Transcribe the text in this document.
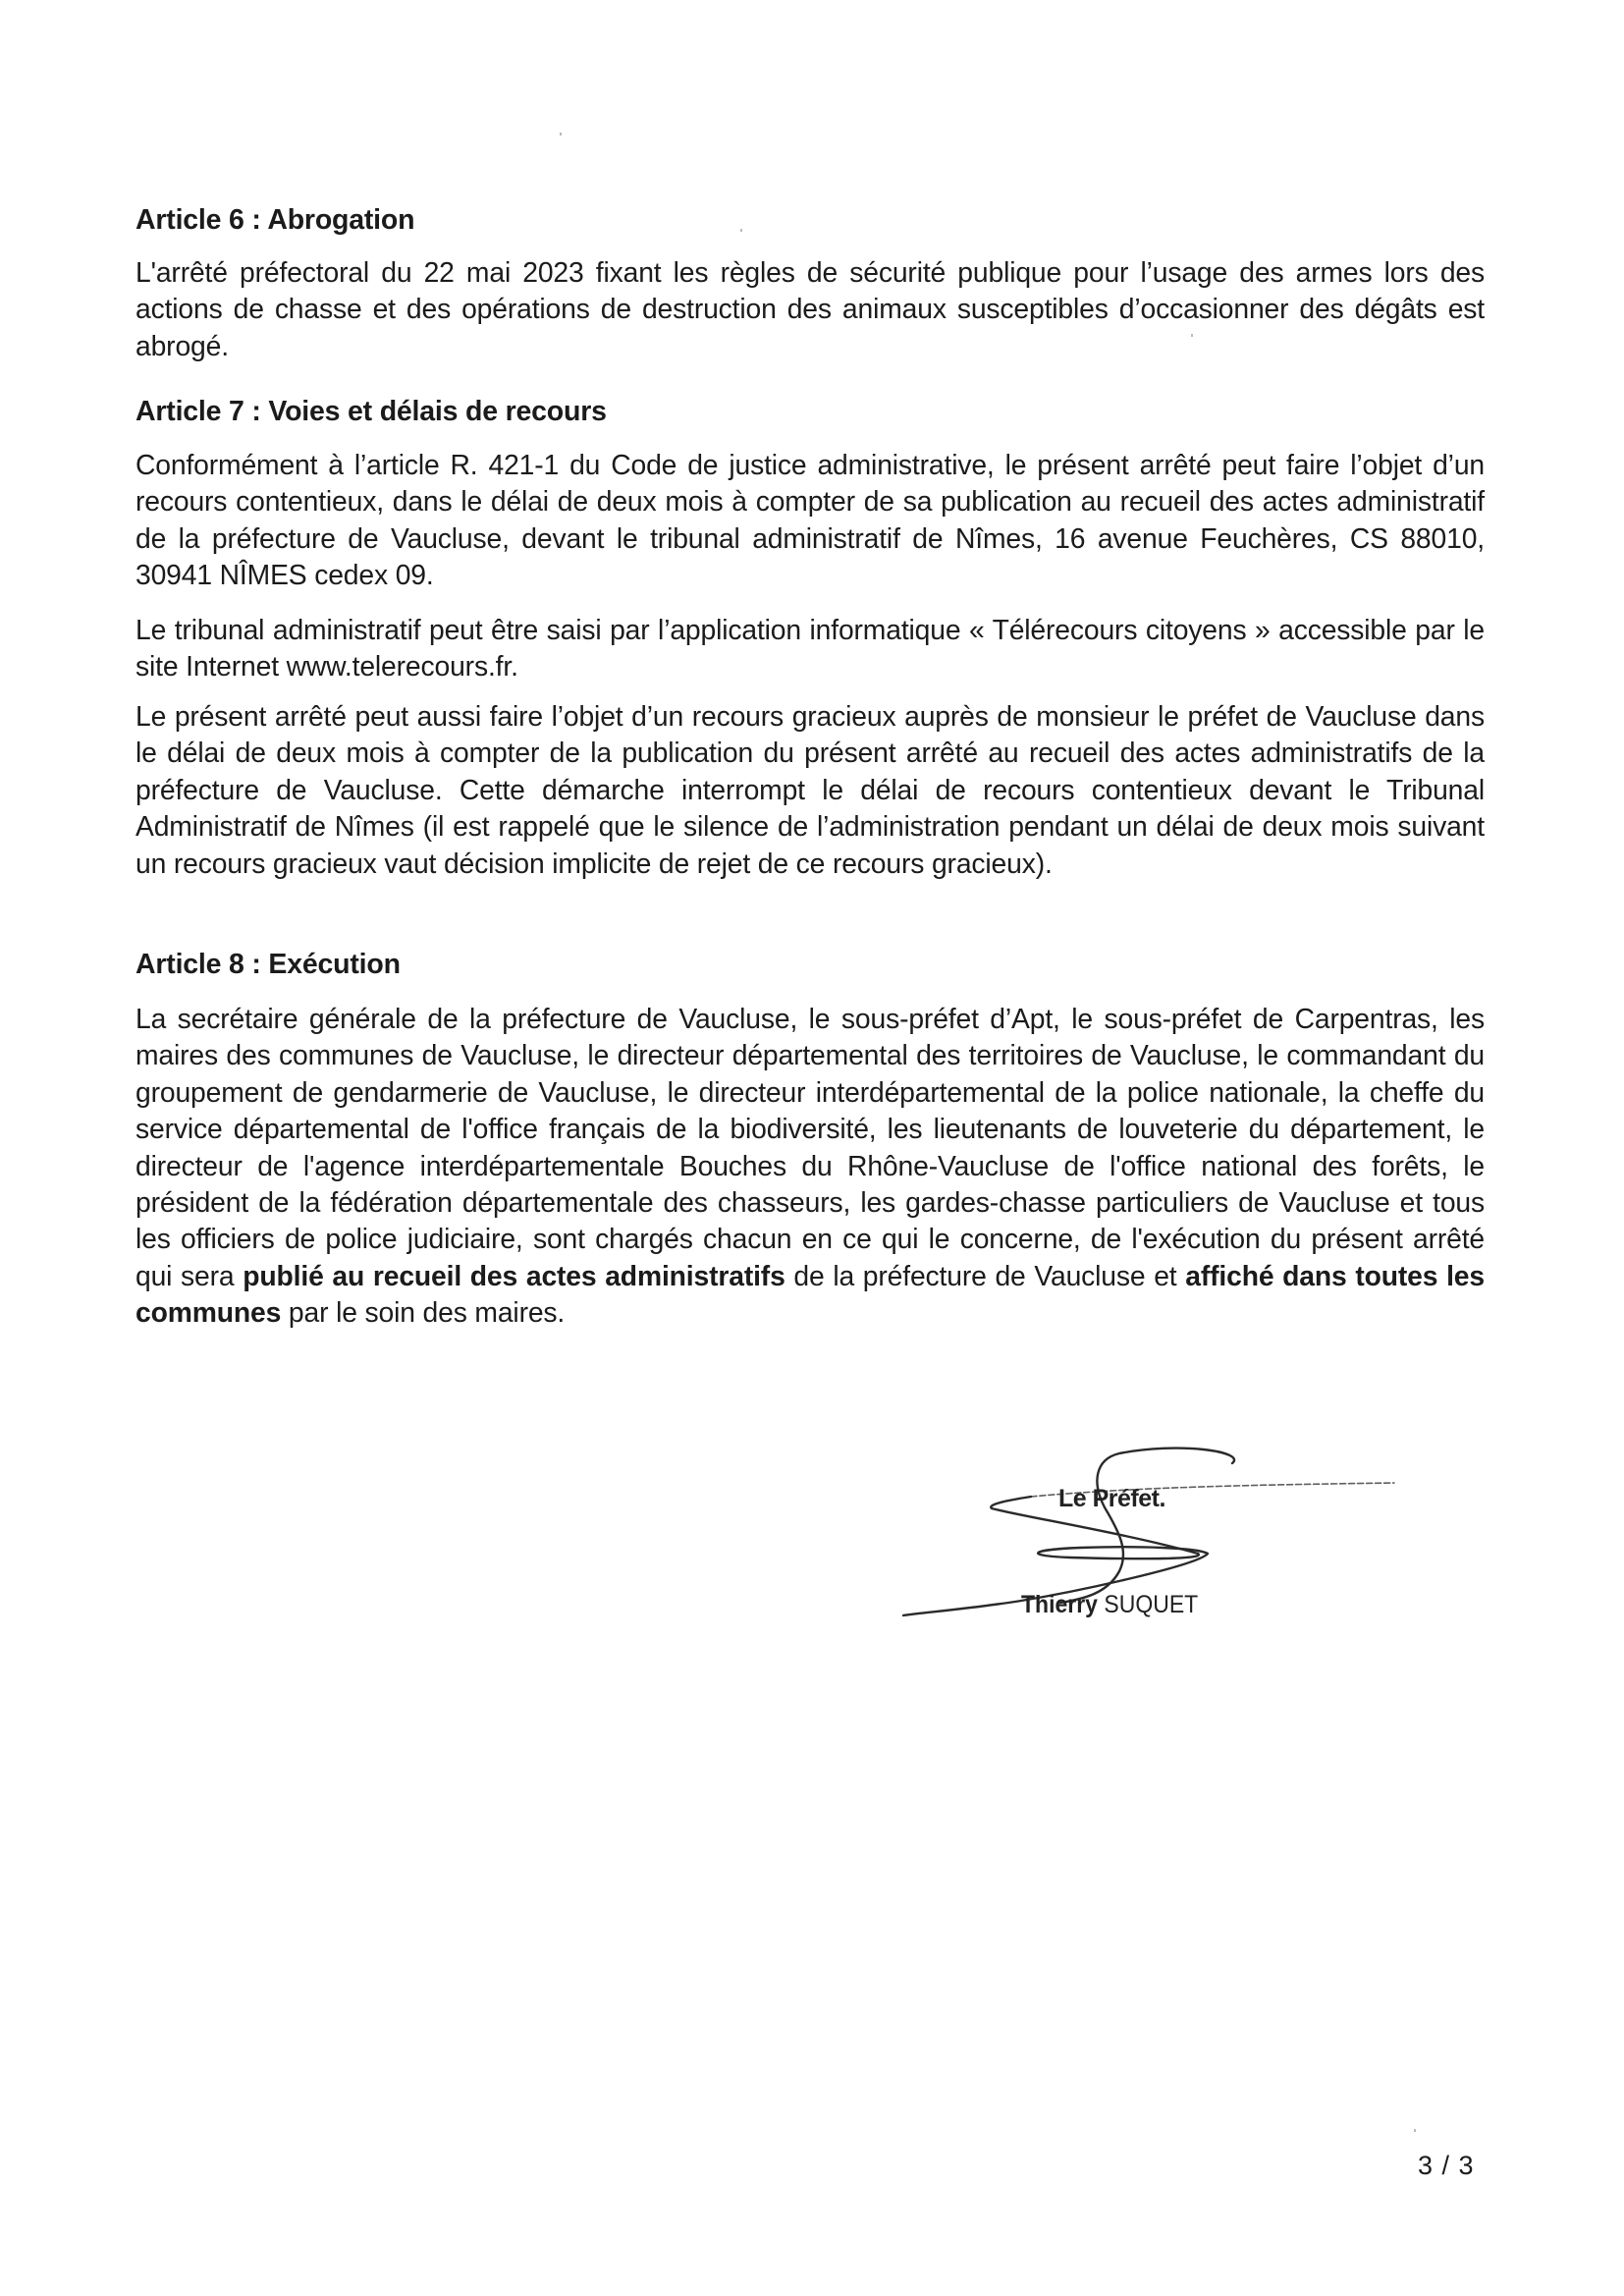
Article 6 : Abrogation
L'arrêté préfectoral du 22 mai 2023 fixant les règles de sécurité publique pour l’usage des armes lors des actions de chasse et des opérations de destruction des animaux susceptibles d’occasionner des dégâts est abrogé.
Article 7 : Voies et délais de recours
Conformément à l’article R. 421-1 du Code de justice administrative, le présent arrêté peut faire l’objet d’un recours contentieux, dans le délai de deux mois à compter de sa publication au recueil des actes administratif de la préfecture de Vaucluse, devant le tribunal administratif de Nîmes, 16 avenue Feuchères, CS 88010, 30941 NÎMES cedex 09.
Le tribunal administratif peut être saisi par l’application informatique « Télérecours citoyens » accessible par le site Internet www.telerecours.fr.
Le présent arrêté peut aussi faire l’objet d’un recours gracieux auprès de monsieur le préfet de Vaucluse dans le délai de deux mois à compter de la publication du présent arrêté au recueil des actes administratifs de la préfecture de Vaucluse. Cette démarche interrompt le délai de recours contentieux devant le Tribunal Administratif de Nîmes (il est rappelé que le silence de l’administration pendant un délai de deux mois suivant un recours gracieux vaut décision implicite de rejet de ce recours gracieux).
Article 8 : Exécution
La secrétaire générale de la préfecture de Vaucluse, le sous-préfet d’Apt, le sous-préfet de Carpentras, les maires des communes de Vaucluse, le directeur départemental des territoires de Vaucluse, le commandant du groupement de gendarmerie de Vaucluse, le directeur interdépartemental de la police nationale, la cheffe du service départemental de l'office français de la biodiversité, les lieutenants de louveterie du département, le directeur de l'agence interdépartementale Bouches du Rhône-Vaucluse de l'office national des forêts, le président de la fédération départementale des chasseurs, les gardes-chasse particuliers de Vaucluse et tous les officiers de police judiciaire, sont chargés chacun en ce qui le concerne, de l'exécution du présent arrêté qui sera publié au recueil des actes administratifs de la préfecture de Vaucluse et affiché dans toutes les communes par le soin des maires.
Le Préfet.
Thierry SUQUET
3 / 3
